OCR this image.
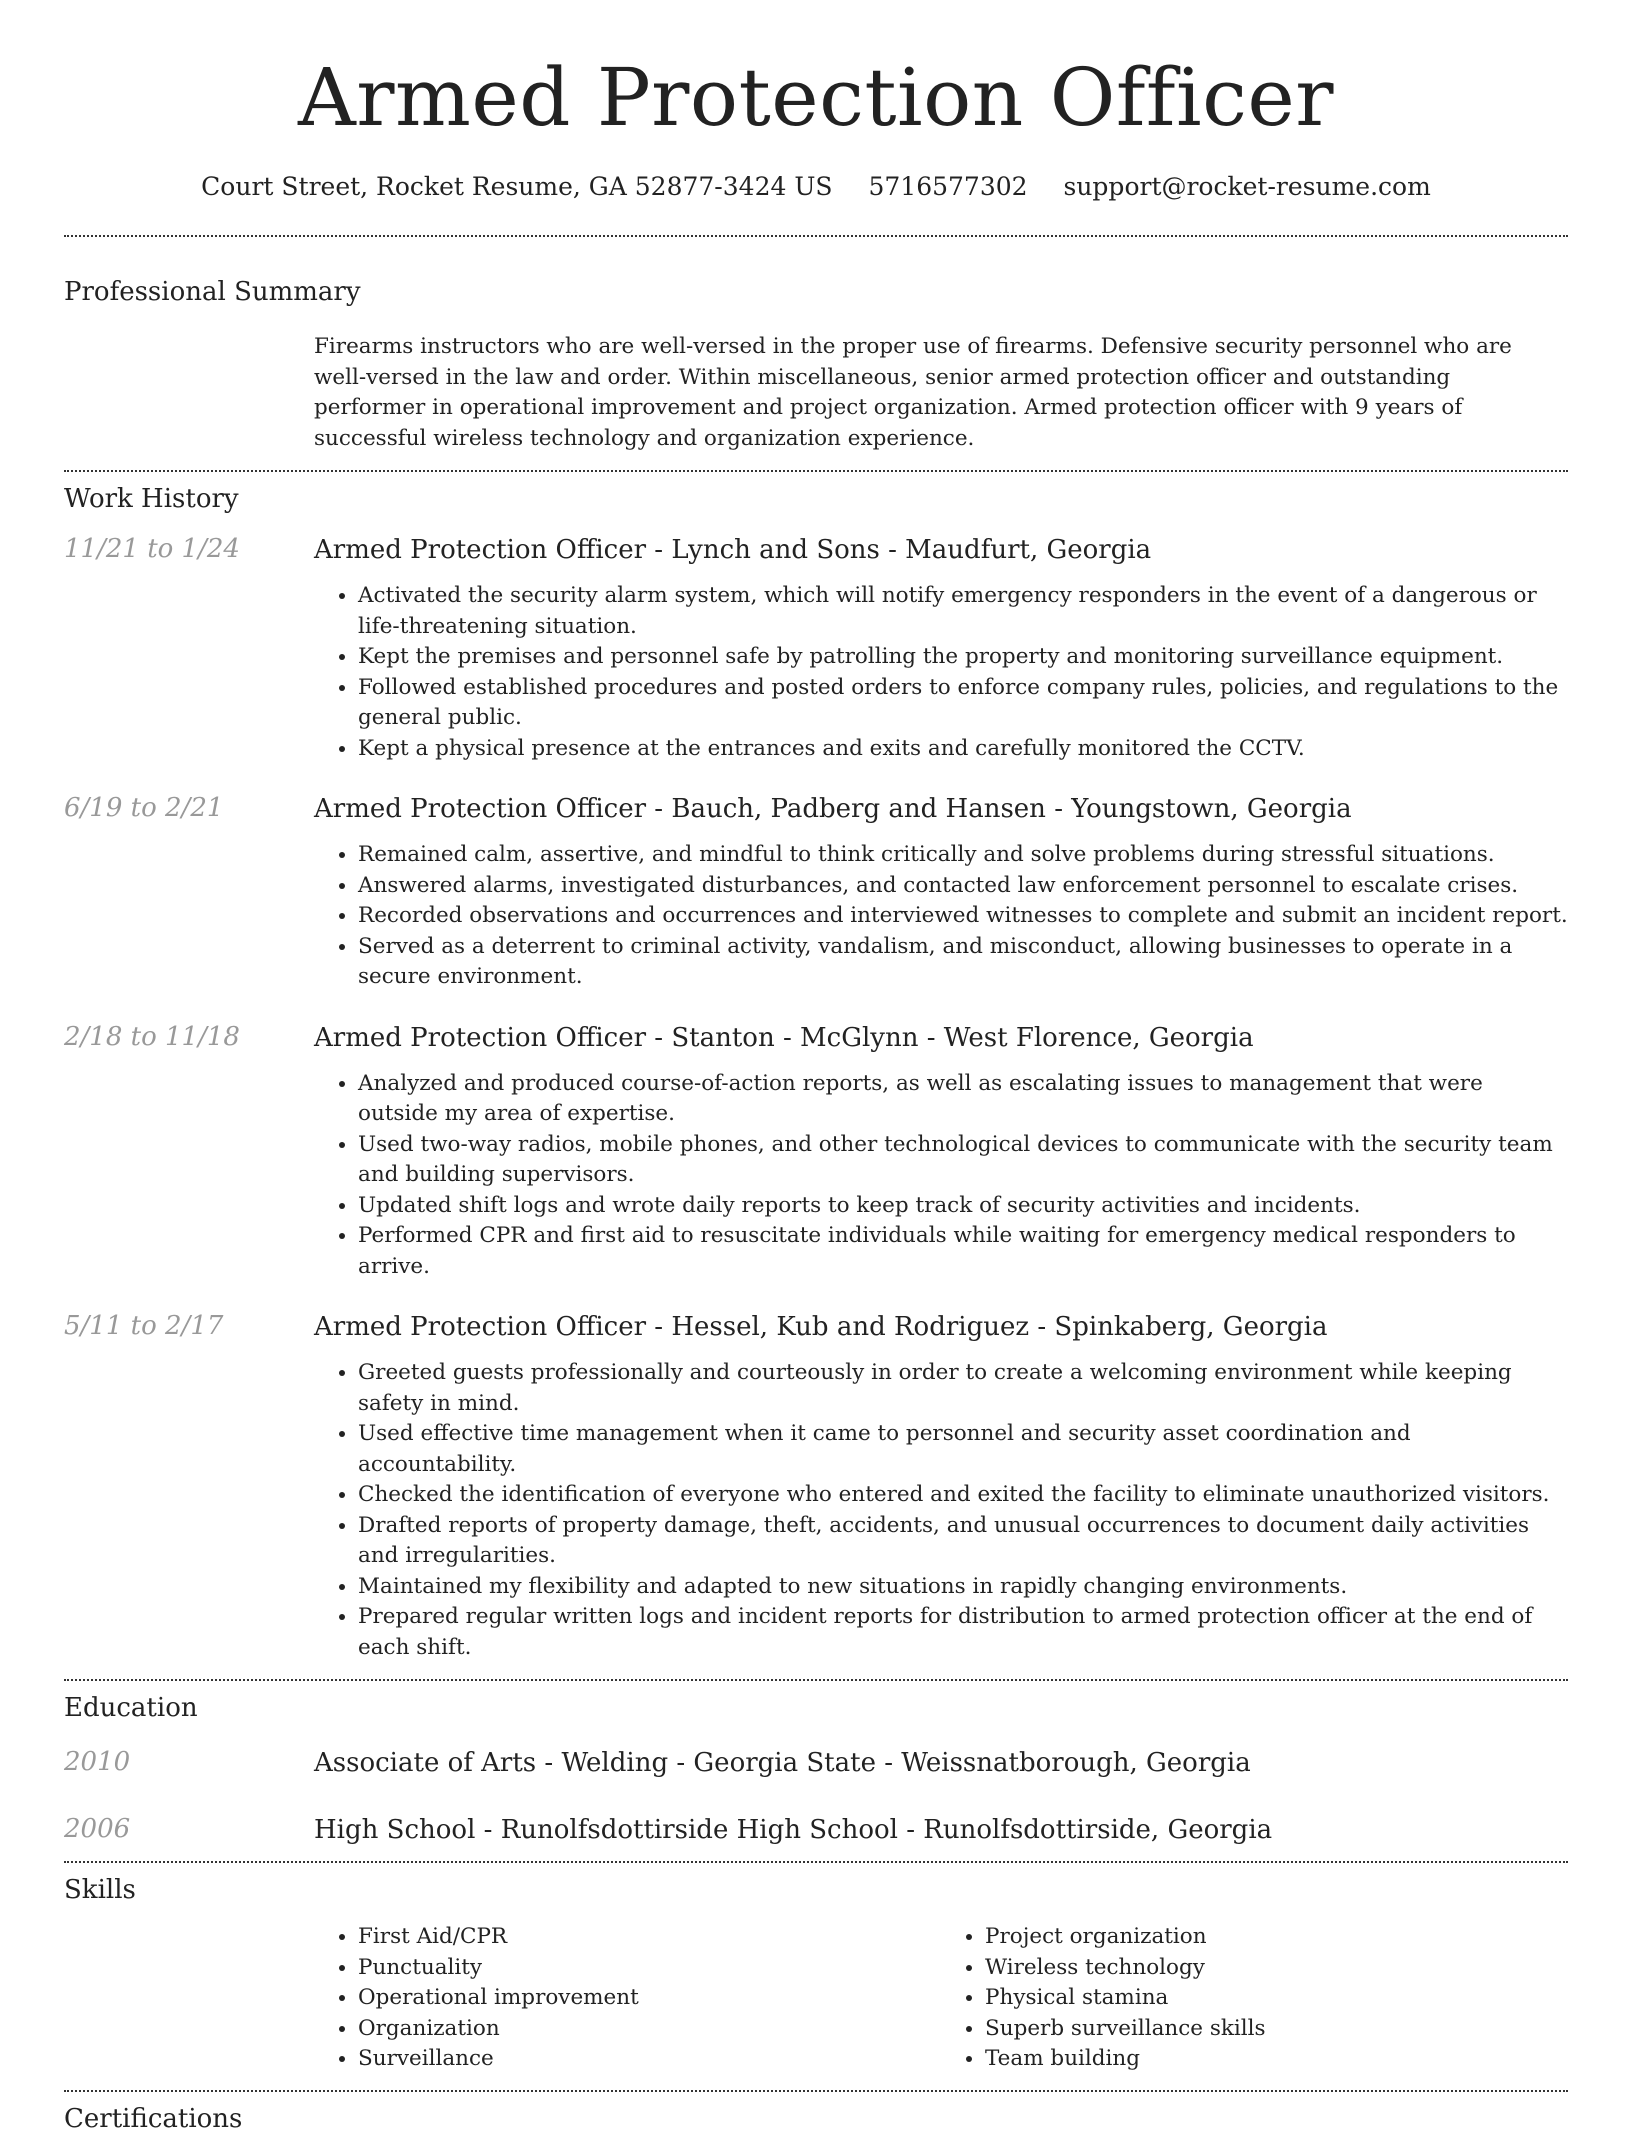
Armed Protection Officer
Court Street, Rocket Resume, GA 52877-3424 US 5716577302 support@rocket-resume.com
Professional Summary

Firearms instructors who are well-versed in the proper use of firearms. Defensive security personnel who are well-versed in the law and order. Within miscellaneous, senior armed protection officer and outstanding performer in operational improvement and project organization. Armed protection officer with 9 years of successful wireless technology and organization experience.

Work History
11/21 to 1/24	Armed Protection Officer - Lynch and Sons - Maudfurt, Georgia
• Activated the security alarm system, which will notify emergency responders in the event of a dangerous or life-threatening situation.
• Kept the premises and personnel safe by patrolling the property and monitoring surveillance equipment.
• Followed established procedures and posted orders to enforce company rules, policies, and regulations to the general public.
• Kept a physical presence at the entrances and exits and carefully monitored the CCTV.
6/19 to 2/21	Armed Protection Officer - Bauch, Padberg and Hansen - Youngstown, Georgia
• Remained calm, assertive, and mindful to think critically and solve problems during stressful situations.
• Answered alarms, investigated disturbances, and contacted law enforcement personnel to escalate crises.
• Recorded observations and occurrences and interviewed witnesses to complete and submit an incident report.
• Served as a deterrent to criminal activity, vandalism, and misconduct, allowing businesses to operate in a secure environment.
2/18 to 11/18	Armed Protection Officer - Stanton - McGlynn - West Florence, Georgia
• Analyzed and produced course-of-action reports, as well as escalating issues to management that were outside my area of expertise.
• Used two-way radios, mobile phones, and other technological devices to communicate with the security team and building supervisors.
• Updated shift logs and wrote daily reports to keep track of security activities and incidents.
• Performed CPR and first aid to resuscitate individuals while waiting for emergency medical responders to arrive.
5/11 to 2/17	Armed Protection Officer - Hessel, Kub and Rodriguez - Spinkaberg, Georgia
• Greeted guests professionally and courteously in order to create a welcoming environment while keeping safety in mind.
• Used effective time management when it came to personnel and security asset coordination and accountability.
• Checked the identification of everyone who entered and exited the facility to eliminate unauthorized visitors.
• Drafted reports of property damage, theft, accidents, and unusual occurrences to document daily activities and irregularities.
• Maintained my flexibility and adapted to new situations in rapidly changing environments.
• Prepared regular written logs and incident reports for distribution to armed protection officer at the end of each shift.
Education
2010	Associate of Arts - Welding - Georgia State - Weissnatborough, Georgia
2006	High School - Runolfsdottirside High School - Runolfsdottirside, Georgia
Skills
• First Aid/CPR
• Punctuality
• Operational improvement
• Organization
• Surveillance
• Project organization
• Wireless technology
• Physical stamina
• Superb surveillance skills
• Team building
Certifications
